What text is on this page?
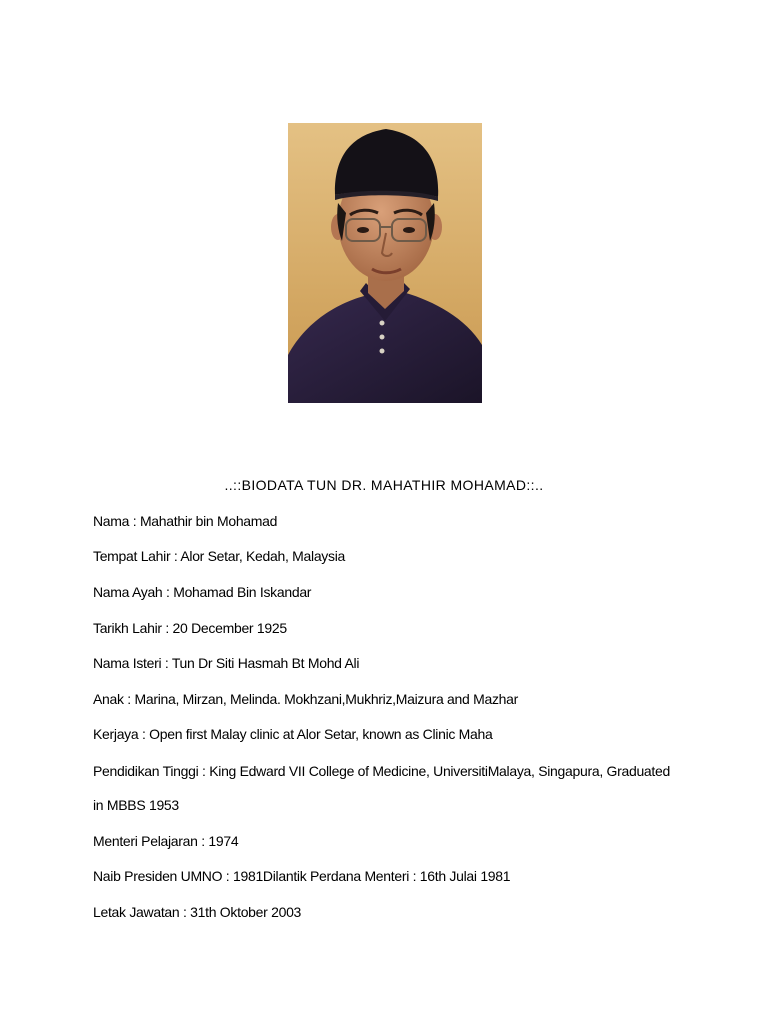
..::BIODATA TUN DR. MAHATHIR MOHAMAD::..
Nama : Mahathir bin Mohamad
Tempat Lahir : Alor Setar, Kedah, Malaysia
Nama Ayah : Mohamad Bin Iskandar
Tarikh Lahir : 20 December 1925
Nama Isteri : Tun Dr Siti Hasmah Bt Mohd Ali
Anak : Marina, Mirzan, Melinda. Mokhzani,Mukhriz,Maizura and Mazhar
Kerjaya : Open first Malay clinic at Alor Setar, known as Clinic Maha
Pendidikan Tinggi : King Edward VII College of Medicine, UniversitiMalaya, Singapura, Graduated
in MBBS 1953
Menteri Pelajaran : 1974
Naib Presiden UMNO : 1981Dilantik Perdana Menteri : 16th Julai 1981
Letak Jawatan : 31th Oktober 2003
